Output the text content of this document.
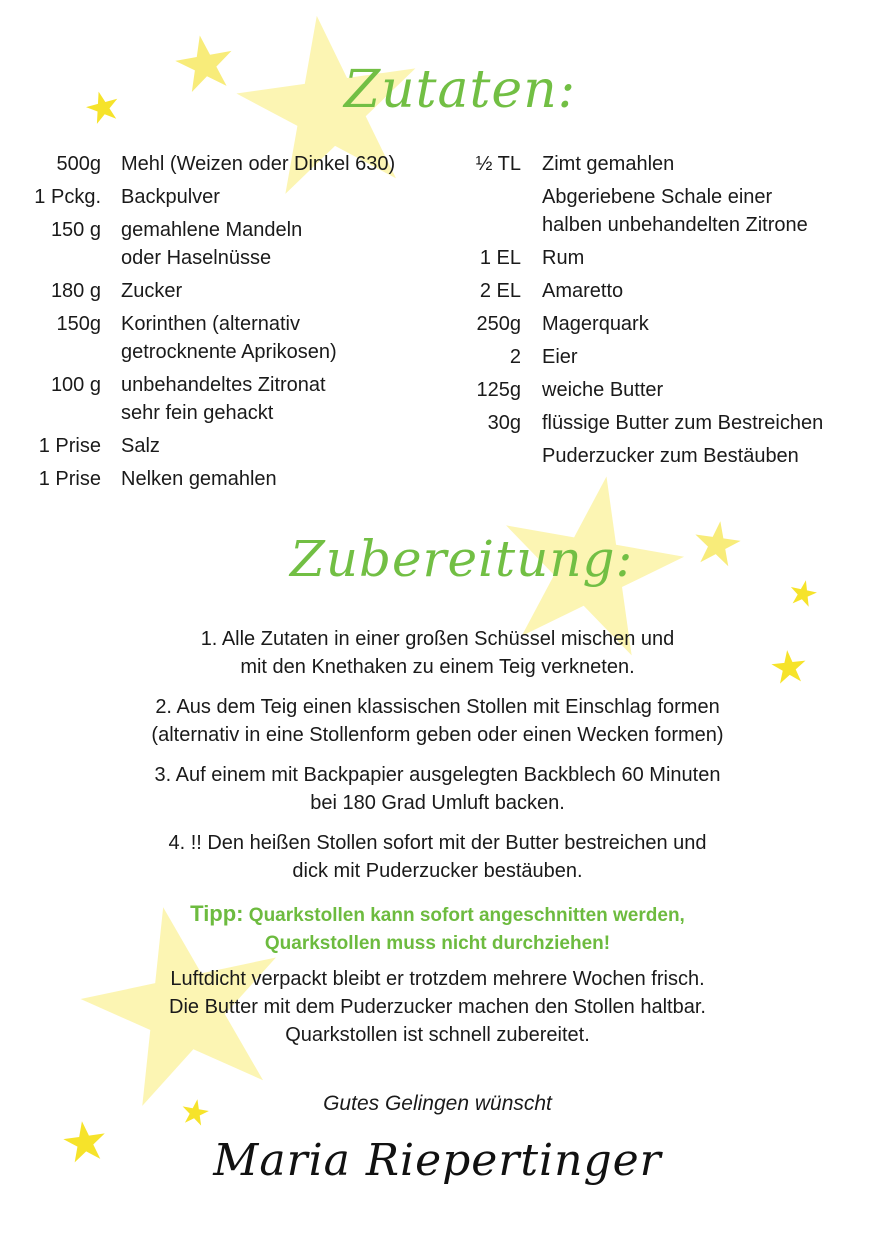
Zutaten:
500g Mehl (Weizen oder Dinkel 630)
1 Pckg. Backpulver
150 g gemahlene Mandeln
oder Haselnüsse
180 g Zucker
150g Korinthen (alternativ
getrocknente Aprikosen)
100 g unbehandeltes Zitronat
sehr fein gehackt
1 Prise Salz
1 Prise Nelken gemahlen
½ TL Zimt gemahlen
Abgeriebene Schale einer
halben unbehandelten Zitrone
1 EL Rum
2 EL Amaretto
250g Magerquark
2 Eier
125g weiche Butter
30g flüssige Butter zum Bestreichen
Puderzucker zum Bestäuben
Zubereitung:
1. Alle Zutaten in einer großen Schüssel mischen und
mit den Knethaken zu einem Teig verkneten.
2. Aus dem Teig einen klassischen Stollen mit Einschlag formen
(alternativ in eine Stollenform geben oder einen Wecken formen)
3. Auf einem mit Backpapier ausgelegten Backblech 60 Minuten
bei 180 Grad Umluft backen.
4. !! Den heißen Stollen sofort mit der Butter bestreichen und
dick mit Puderzucker bestäuben.
Tipp: Quarkstollen kann sofort angeschnitten werden,
Quarkstollen muss nicht durchziehen!
Luftdicht verpackt bleibt er trotzdem mehrere Wochen frisch.
Die Butter mit dem Puderzucker machen den Stollen haltbar.
Quarkstollen ist schnell zubereitet.
Gutes Gelingen wünscht
Maria Riepertinger
